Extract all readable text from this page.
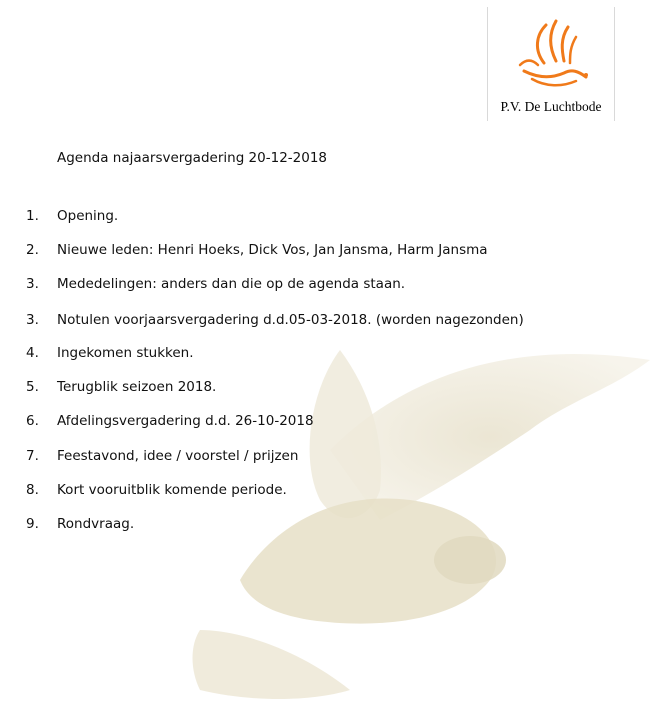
P.V. De Luchtbode
Agenda najaarsvergadering 20-12-2018
1. Opening.
2. Nieuwe leden: Henri Hoeks, Dick Vos, Jan Jansma, Harm Jansma
3. Mededelingen: anders dan die op de agenda staan.
3. Notulen voorjaarsvergadering d.d.05-03-2018. (worden nagezonden)
4. Ingekomen stukken.
5. Terugblik seizoen 2018.
6. Afdelingsvergadering d.d. 26-10-2018
7. Feestavond, idee / voorstel / prijzen
8. Kort vooruitblik komende periode.
9. Rondvraag.
